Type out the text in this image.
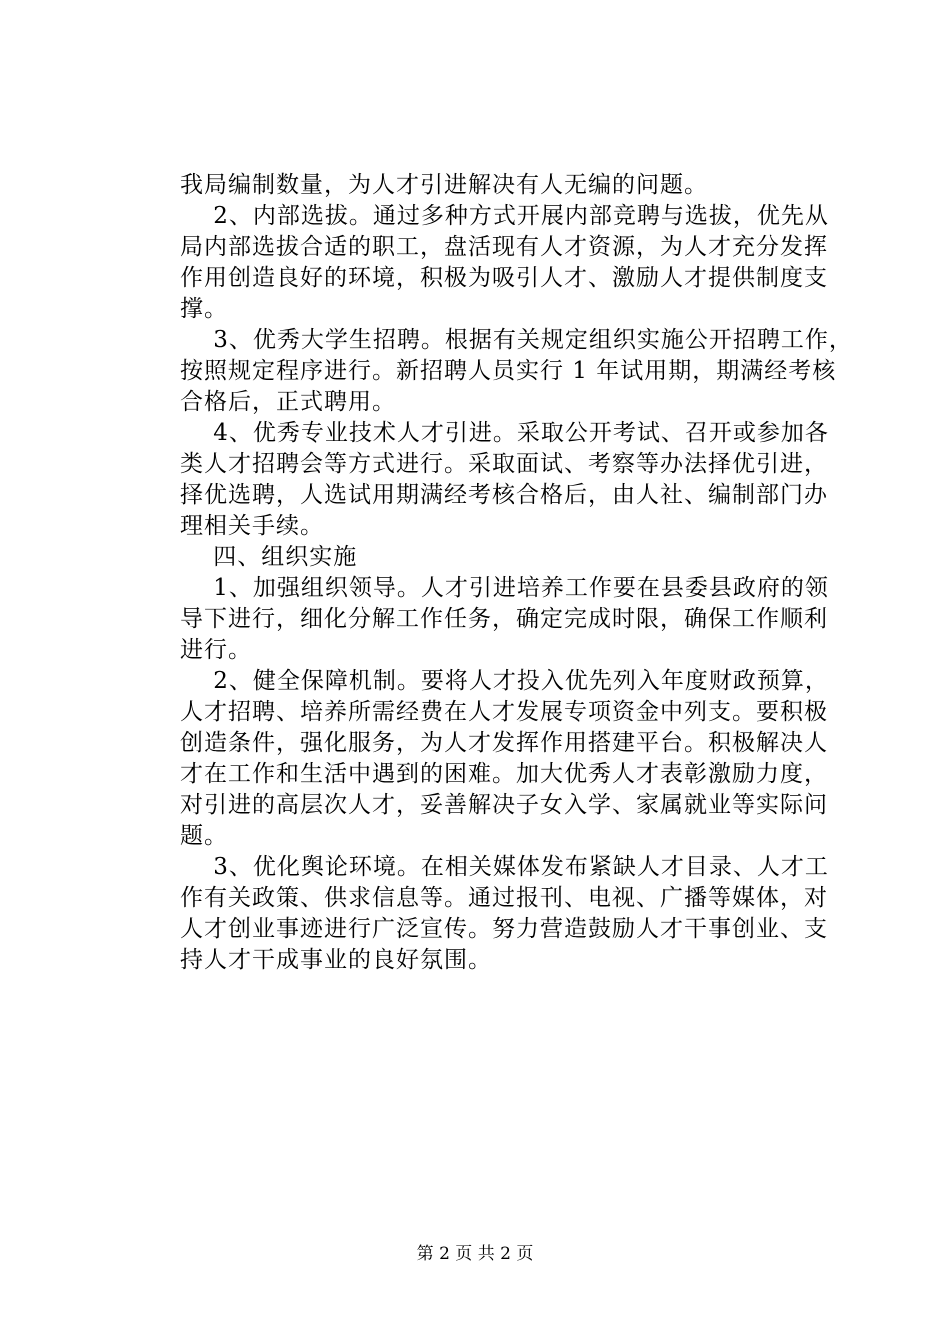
我局编制数量，为人才引进解决有人无编的问题。
2、内部选拔。通过多种方式开展内部竞聘与选拔，优先从
局内部选拔合适的职工，盘活现有人才资源，为人才充分发挥
作用创造良好的环境，积极为吸引人才、激励人才提供制度支
撑。
3、优秀大学生招聘。根据有关规定组织实施公开招聘工作，
按照规定程序进行。新招聘人员实行 1 年试用期，期满经考核
合格后，正式聘用。
4、优秀专业技术人才引进。采取公开考试、召开或参加各
类人才招聘会等方式进行。采取面试、考察等办法择优引进，
择优选聘，人选试用期满经考核合格后，由人社、编制部门办
理相关手续。
四、组织实施
1、加强组织领导。人才引进培养工作要在县委县政府的领
导下进行，细化分解工作任务，确定完成时限，确保工作顺利
进行。
2、健全保障机制。要将人才投入优先列入年度财政预算，
人才招聘、培养所需经费在人才发展专项资金中列支。要积极
创造条件，强化服务，为人才发挥作用搭建平台。积极解决人
才在工作和生活中遇到的困难。加大优秀人才表彰激励力度，
对引进的高层次人才，妥善解决子女入学、家属就业等实际问
题。
3、优化舆论环境。在相关媒体发布紧缺人才目录、人才工
作有关政策、供求信息等。通过报刊、电视、广播等媒体，对
人才创业事迹进行广泛宣传。努力营造鼓励人才干事创业、支
持人才干成事业的良好氛围。
第 2 页 共 2 页
